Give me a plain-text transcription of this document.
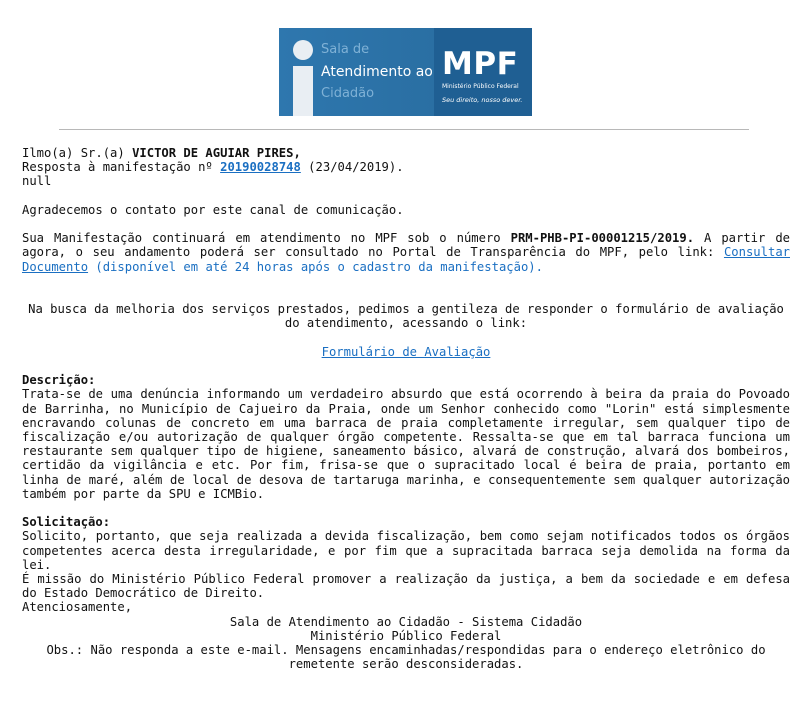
Sala de
Atendimento ao
Cidadão
MPF
Ministério Público Federal
Seu direito, nosso dever.
Ilmo(a) Sr.(a) VICTOR DE AGUIAR PIRES,
Resposta à manifestação nº 20190028748 (23/04/2019).
null
Agradecemos o contato por este canal de comunicação.
Sua Manifestação continuará em atendimento no MPF sob o número PRM-PHB-PI-00001215/2019. A partir de agora, o seu andamento poderá ser consultado no Portal de Transparência do MPF, pelo link: Consultar Documento (disponível em até 24 horas após o cadastro da manifestação).
Na busca da melhoria dos serviços prestados, pedimos a gentileza de responder o formulário de avaliação do atendimento, acessando o link:
Formulário de Avaliação
Descrição:
Trata-se de uma denúncia informando um verdadeiro absurdo que está ocorrendo à beira da praia do Povoado de Barrinha, no Município de Cajueiro da Praia, onde um Senhor conhecido como "Lorin" está simplesmente encravando colunas de concreto em uma barraca de praia completamente irregular, sem qualquer tipo de fiscalização e/ou autorização de qualquer órgão competente. Ressalta-se que em tal barraca funciona um restaurante sem qualquer tipo de higiene, saneamento básico, alvará de construção, alvará dos bombeiros, certidão da vigilância e etc. Por fim, frisa-se que o supracitado local é beira de praia, portanto em linha de maré, além de local de desova de tartaruga marinha, e consequentemente sem qualquer autorização também por parte da SPU e ICMBio.
Solicitação:
Solicito, portanto, que seja realizada a devida fiscalização, bem como sejam notificados todos os órgãos competentes acerca desta irregularidade, e por fim que a supracitada barraca seja demolida na forma da lei.
É missão do Ministério Público Federal promover a realização da justiça, a bem da sociedade e em defesa do Estado Democrático de Direito.
Atenciosamente,
Sala de Atendimento ao Cidadão - Sistema Cidadão
Ministério Público Federal
Obs.: Não responda a este e-mail. Mensagens encaminhadas/respondidas para o endereço eletrônico do remetente serão desconsideradas.
